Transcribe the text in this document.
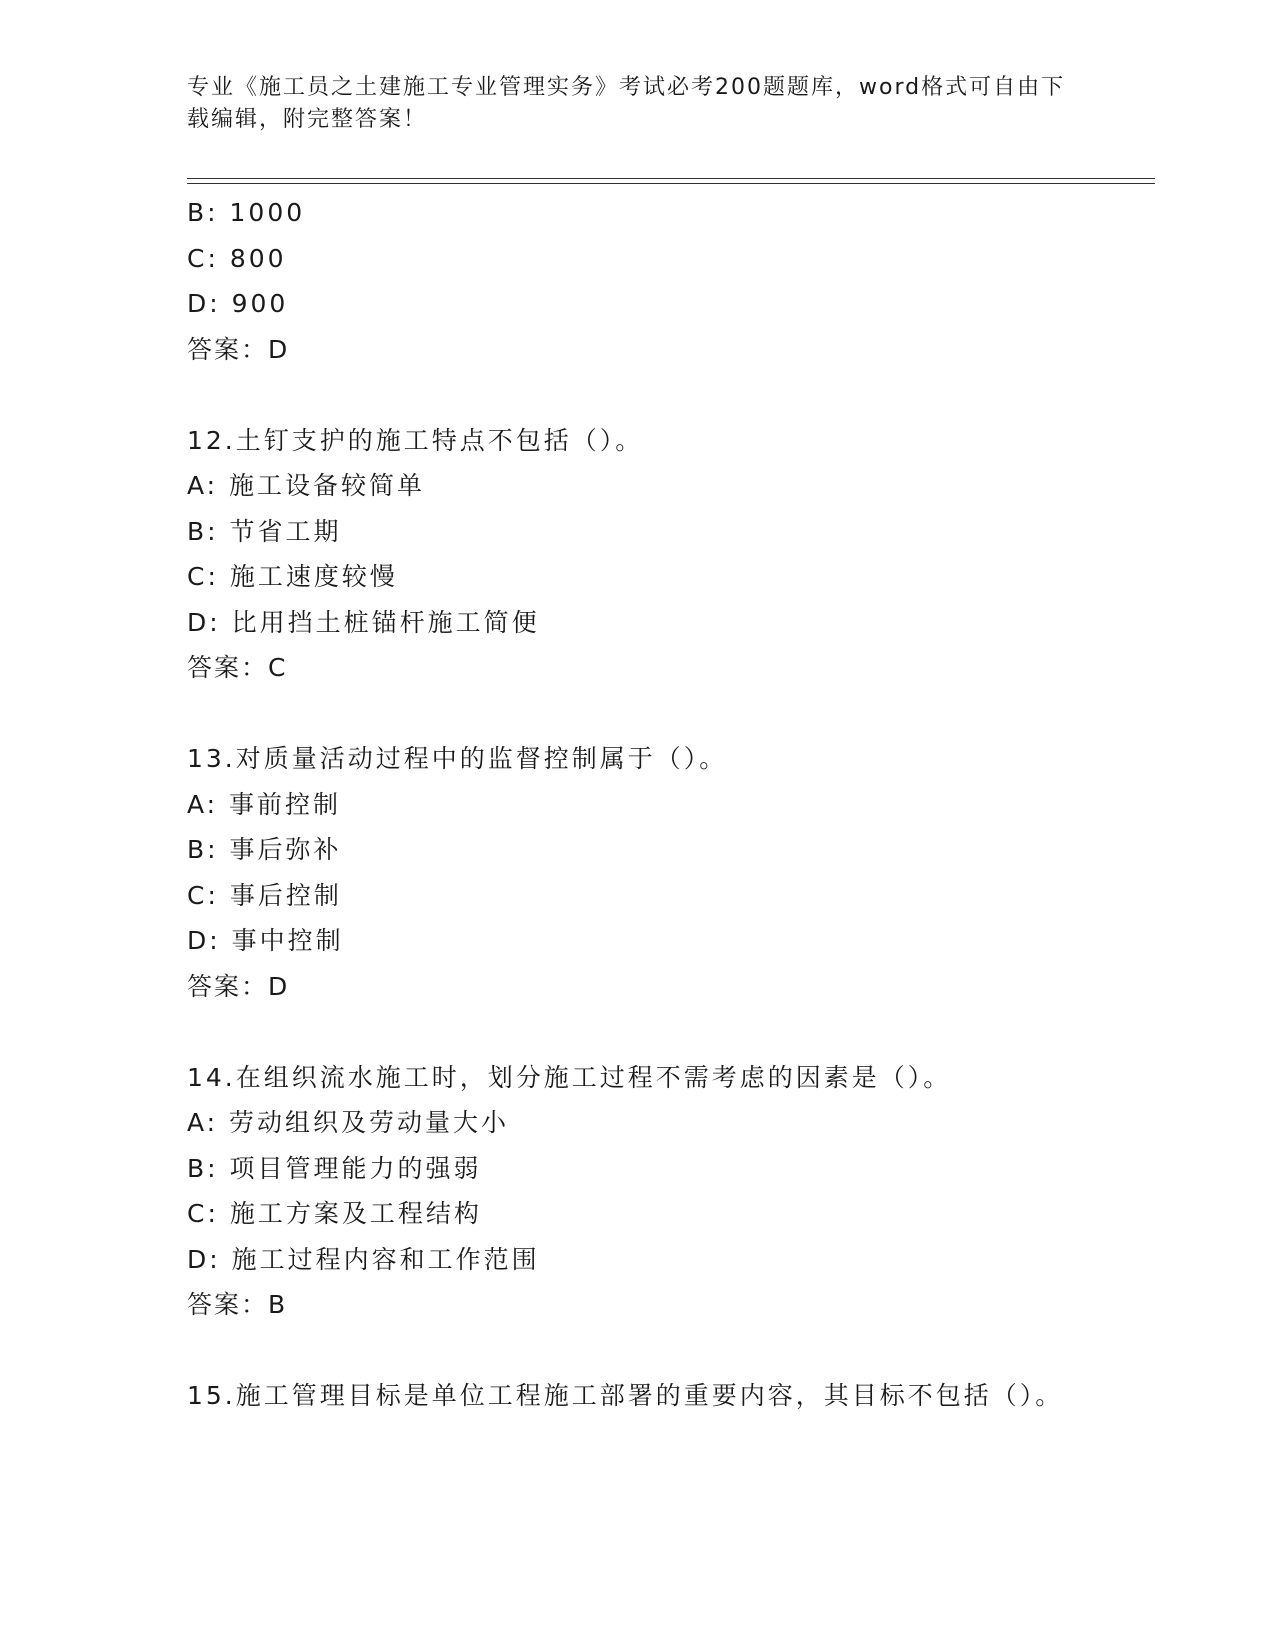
专业《施工员之土建施工专业管理实务》考试必考200题题库，word格式可自由下载编辑，附完整答案！
B: 1000
C: 800
D: 900
答案：D
12.土钉支护的施工特点不包括（）。
A: 施工设备较简单
B: 节省工期
C: 施工速度较慢
D: 比用挡土桩锚杆施工简便
答案：C
13.对质量活动过程中的监督控制属于（）。
A: 事前控制
B: 事后弥补
C: 事后控制
D: 事中控制
答案：D
14.在组织流水施工时，划分施工过程不需考虑的因素是（）。
A: 劳动组织及劳动量大小
B: 项目管理能力的强弱
C: 施工方案及工程结构
D: 施工过程内容和工作范围
答案：B
15.施工管理目标是单位工程施工部署的重要内容，其目标不包括（）。
